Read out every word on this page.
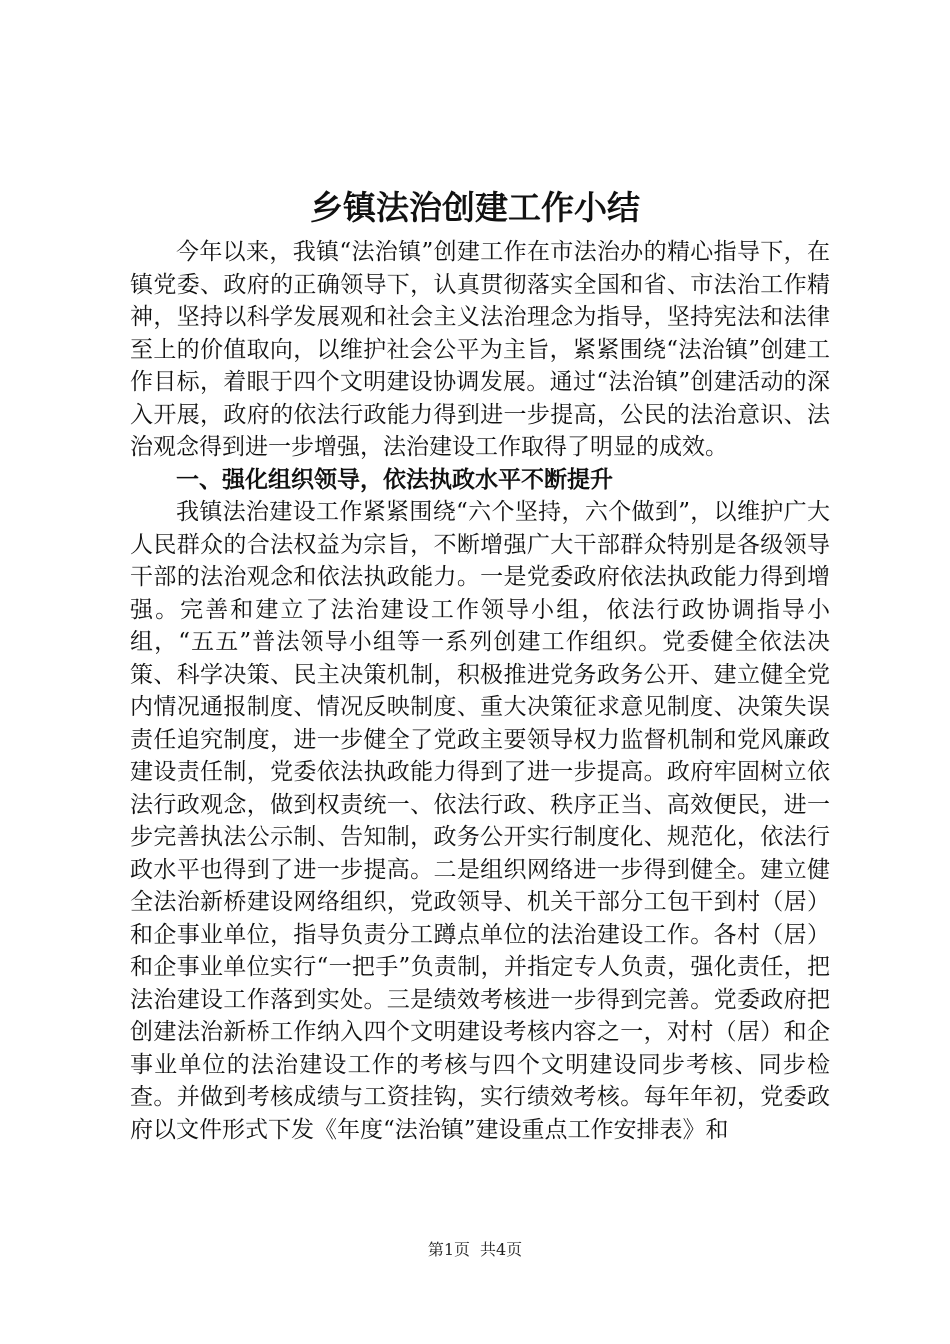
乡镇法治创建工作小结

今年以来，我镇“法治镇”创建工作在市法治办的精心指导下，在镇党委、政府的正确领导下，认真贯彻落实全国和省、市法治工作精神，坚持以科学发展观和社会主义法治理念为指导，坚持宪法和法律至上的价值取向，以维护社会公平为主旨，紧紧围绕“法治镇”创建工作目标，着眼于四个文明建设协调发展。通过“法治镇”创建活动的深入开展，政府的依法行政能力得到进一步提高，公民的法治意识、法治观念得到进一步增强，法治建设工作取得了明显的成效。

一、强化组织领导，依法执政水平不断提升

我镇法治建设工作紧紧围绕“六个坚持，六个做到”，以维护广大人民群众的合法权益为宗旨，不断增强广大干部群众特别是各级领导干部的法治观念和依法执政能力。一是党委政府依法执政能力得到增强。完善和建立了法治建设工作领导小组，依法行政协调指导小组，“五五”普法领导小组等一系列创建工作组织。党委健全依法决策、科学决策、民主决策机制，积极推进党务政务公开、建立健全党内情况通报制度、情况反映制度、重大决策征求意见制度、决策失误责任追究制度，进一步健全了党政主要领导权力监督机制和党风廉政建设责任制，党委依法执政能力得到了进一步提高。政府牢固树立依法行政观念，做到权责统一、依法行政、秩序正当、高效便民，进一步完善执法公示制、告知制，政务公开实行制度化、规范化，依法行政水平也得到了进一步提高。二是组织网络进一步得到健全。建立健全法治新桥建设网络组织，党政领导、机关干部分工包干到村（居）和企事业单位，指导负责分工蹲点单位的法治建设工作。各村（居）和企事业单位实行“一把手”负责制，并指定专人负责，强化责任，把法治建设工作落到实处。三是绩效考核进一步得到完善。党委政府把创建法治新桥工作纳入四个文明建设考核内容之一，对村（居）和企事业单位的法治建设工作的考核与四个文明建设同步考核、同步检查。并做到考核成绩与工资挂钩，实行绩效考核。每年年初，党委政府以文件形式下发《年度“法治镇”建设重点工作安排表》和

第1页 共4页
